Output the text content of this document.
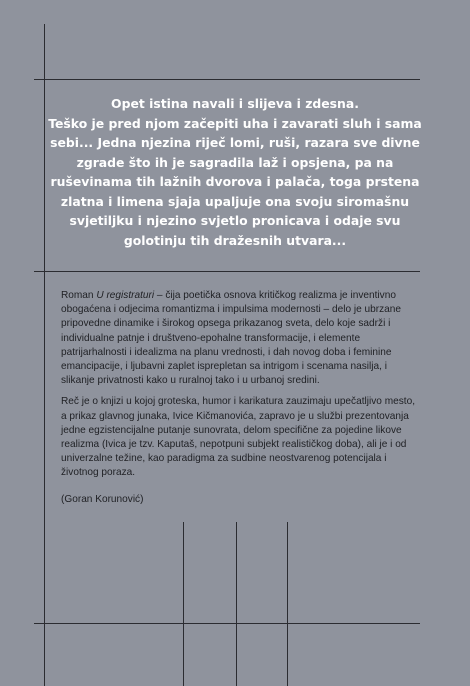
Opet istina navali i slijeva i zdesna.
Teško je pred njom začepiti uha i zavarati sluh i sama
sebi... Jedna njezina riječ lomi, ruši, razara sve divne
zgrade što ih je sagradila laž i opsjena, pa na
ruševinama tih lažnih dvorova i palača, toga prstena
zlatna i limena sjaja upaljuje ona svoju siromašnu
svjetiljku i njezino svjetlo pronicava i odaje svu
golotinju tih dražesnih utvara...

Roman U registraturi – čija poetička osnova kritičkog realizma je inventivno obogaćena i odjecima romantizma i impulsima modernosti – delo je ubrzane pripovedne dinamike i širokog opsega prikazanog sveta, delo koje sadrži i individualne patnje i društveno-epohalne transformacije, i elemente patrijarhalnosti i idealizma na planu vrednosti, i dah novog doba i feminine emancipacije, i ljubavni zaplet isprepletan sa intrigom i scenama nasilja, i slikanje privatnosti kako u ruralnoj tako i u urbanoj sredini.

Reč je o knjizi u kojoj groteska, humor i karikatura zauzimaju upečatljivo mesto, a prikaz glavnog junaka, Ivice Kičmanovića, zapravo je u službi prezentovanja jedne egzistencijalne putanje sunovrata, delom specifične za pojedine likove realizma (Ivica je tzv. Kaputaš, nepotpuni subjekt realističkog doba), ali je i od univerzalne težine, kao paradigma za sudbine neostvarenog potencijala i životnog poraza.

(Goran Korunović)
